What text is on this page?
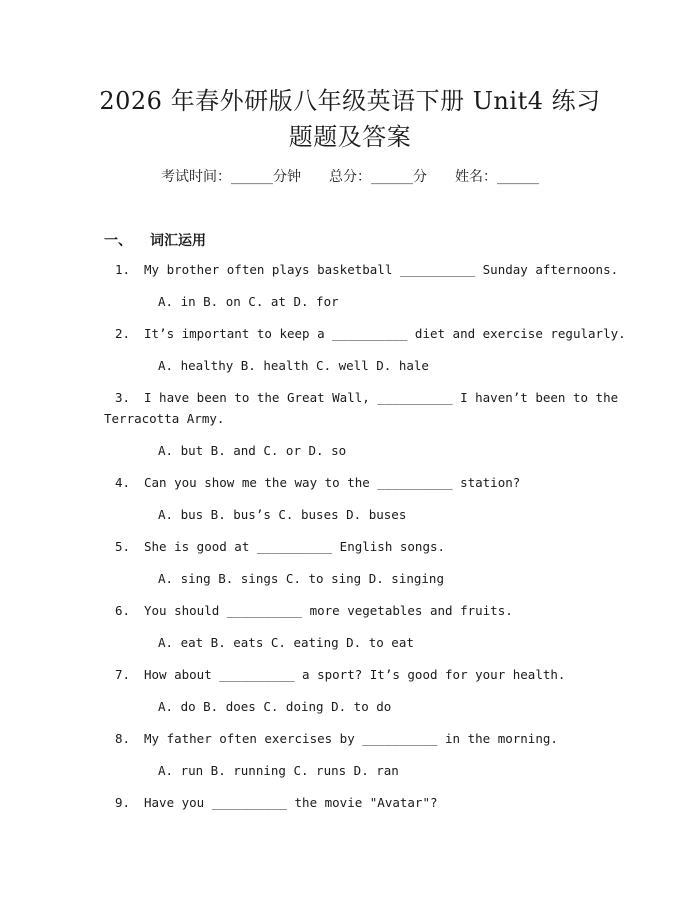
2026 年春外研版八年级英语下册 Unit4 练习
题题及答案
考试时间：______分钟 总分：______分 姓名：______
一、 词汇运用
1. My brother often plays basketball __________ Sunday afternoons.
A. in B. on C. at D. for
2. It’s important to keep a __________ diet and exercise regularly.
A. healthy B. health C. well D. hale
3. I have been to the Great Wall, __________ I haven’t been to the
Terracotta Army.
A. but B. and C. or D. so
4. Can you show me the way to the __________ station?
A. bus B. bus’s C. buses D. buses
5. She is good at __________ English songs.
A. sing B. sings C. to sing D. singing
6. You should __________ more vegetables and fruits.
A. eat B. eats C. eating D. to eat
7. How about __________ a sport? It’s good for your health.
A. do B. does C. doing D. to do
8. My father often exercises by __________ in the morning.
A. run B. running C. runs D. ran
9. Have you __________ the movie "Avatar"?
